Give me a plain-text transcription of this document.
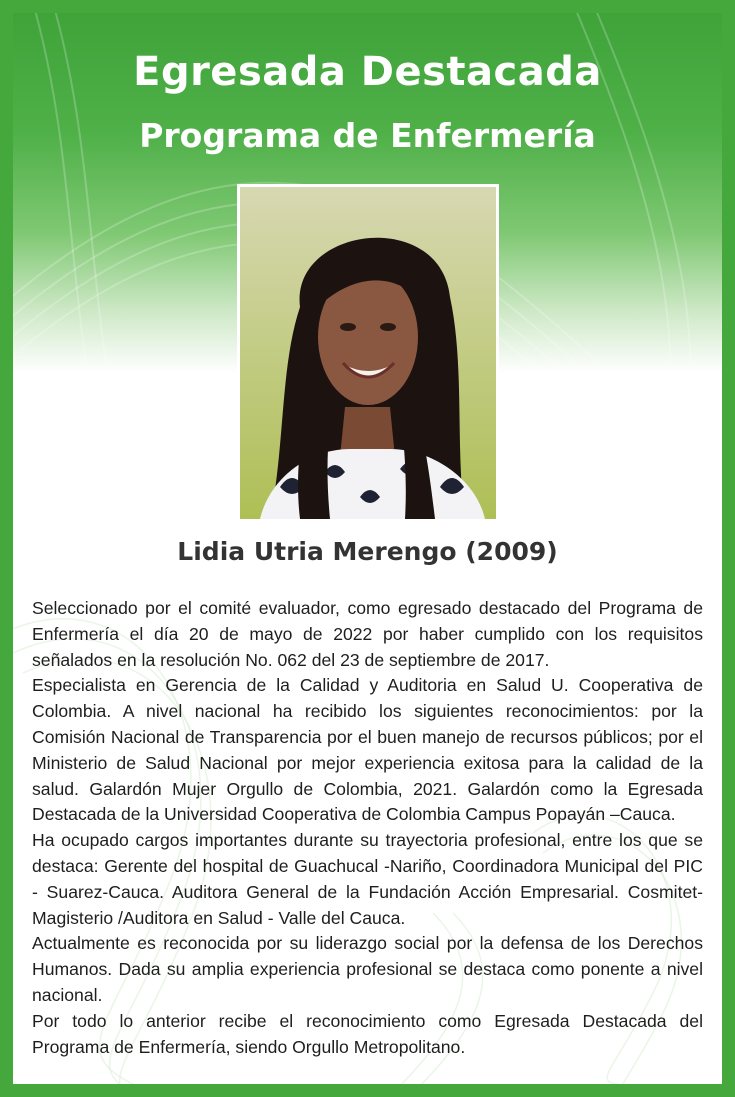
Egresada Destacada
Programa de Enfermería
Lidia Utria Merengo (2009)

Seleccionado por el comité evaluador, como egresado destacado del Programa de Enfermería el día 20 de mayo de 2022 por haber cumplido con los requisitos señalados en la resolución No. 062 del 23 de septiembre de 2017.

Especialista en Gerencia de la Calidad y Auditoria en Salud U. Cooperativa de Colombia. A nivel nacional ha recibido los siguientes reconocimientos: por la Comisión Nacional de Transparencia por el buen manejo de recursos públicos; por el Ministerio de Salud Nacional por mejor experiencia exitosa para la calidad de la salud. Galardón Mujer Orgullo de Colombia, 2021. Galardón como la Egresada Destacada de la Universidad Cooperativa de Colombia Campus Popayán –Cauca.

Ha ocupado cargos importantes durante su trayectoria profesional, entre los que se destaca: Gerente del hospital de Guachucal -Nariño, Coordinadora Municipal del PIC - Suarez-Cauca. Auditora General de la Fundación Acción Empresarial. Cosmitet- Magisterio /Auditora en Salud - Valle del Cauca.

Actualmente es reconocida por su liderazgo social por la defensa de los Derechos Humanos. Dada su amplia experiencia profesional se destaca como ponente a nivel nacional.

Por todo lo anterior recibe el reconocimiento como Egresada Destacada del Programa de Enfermería, siendo Orgullo Metropolitano.
